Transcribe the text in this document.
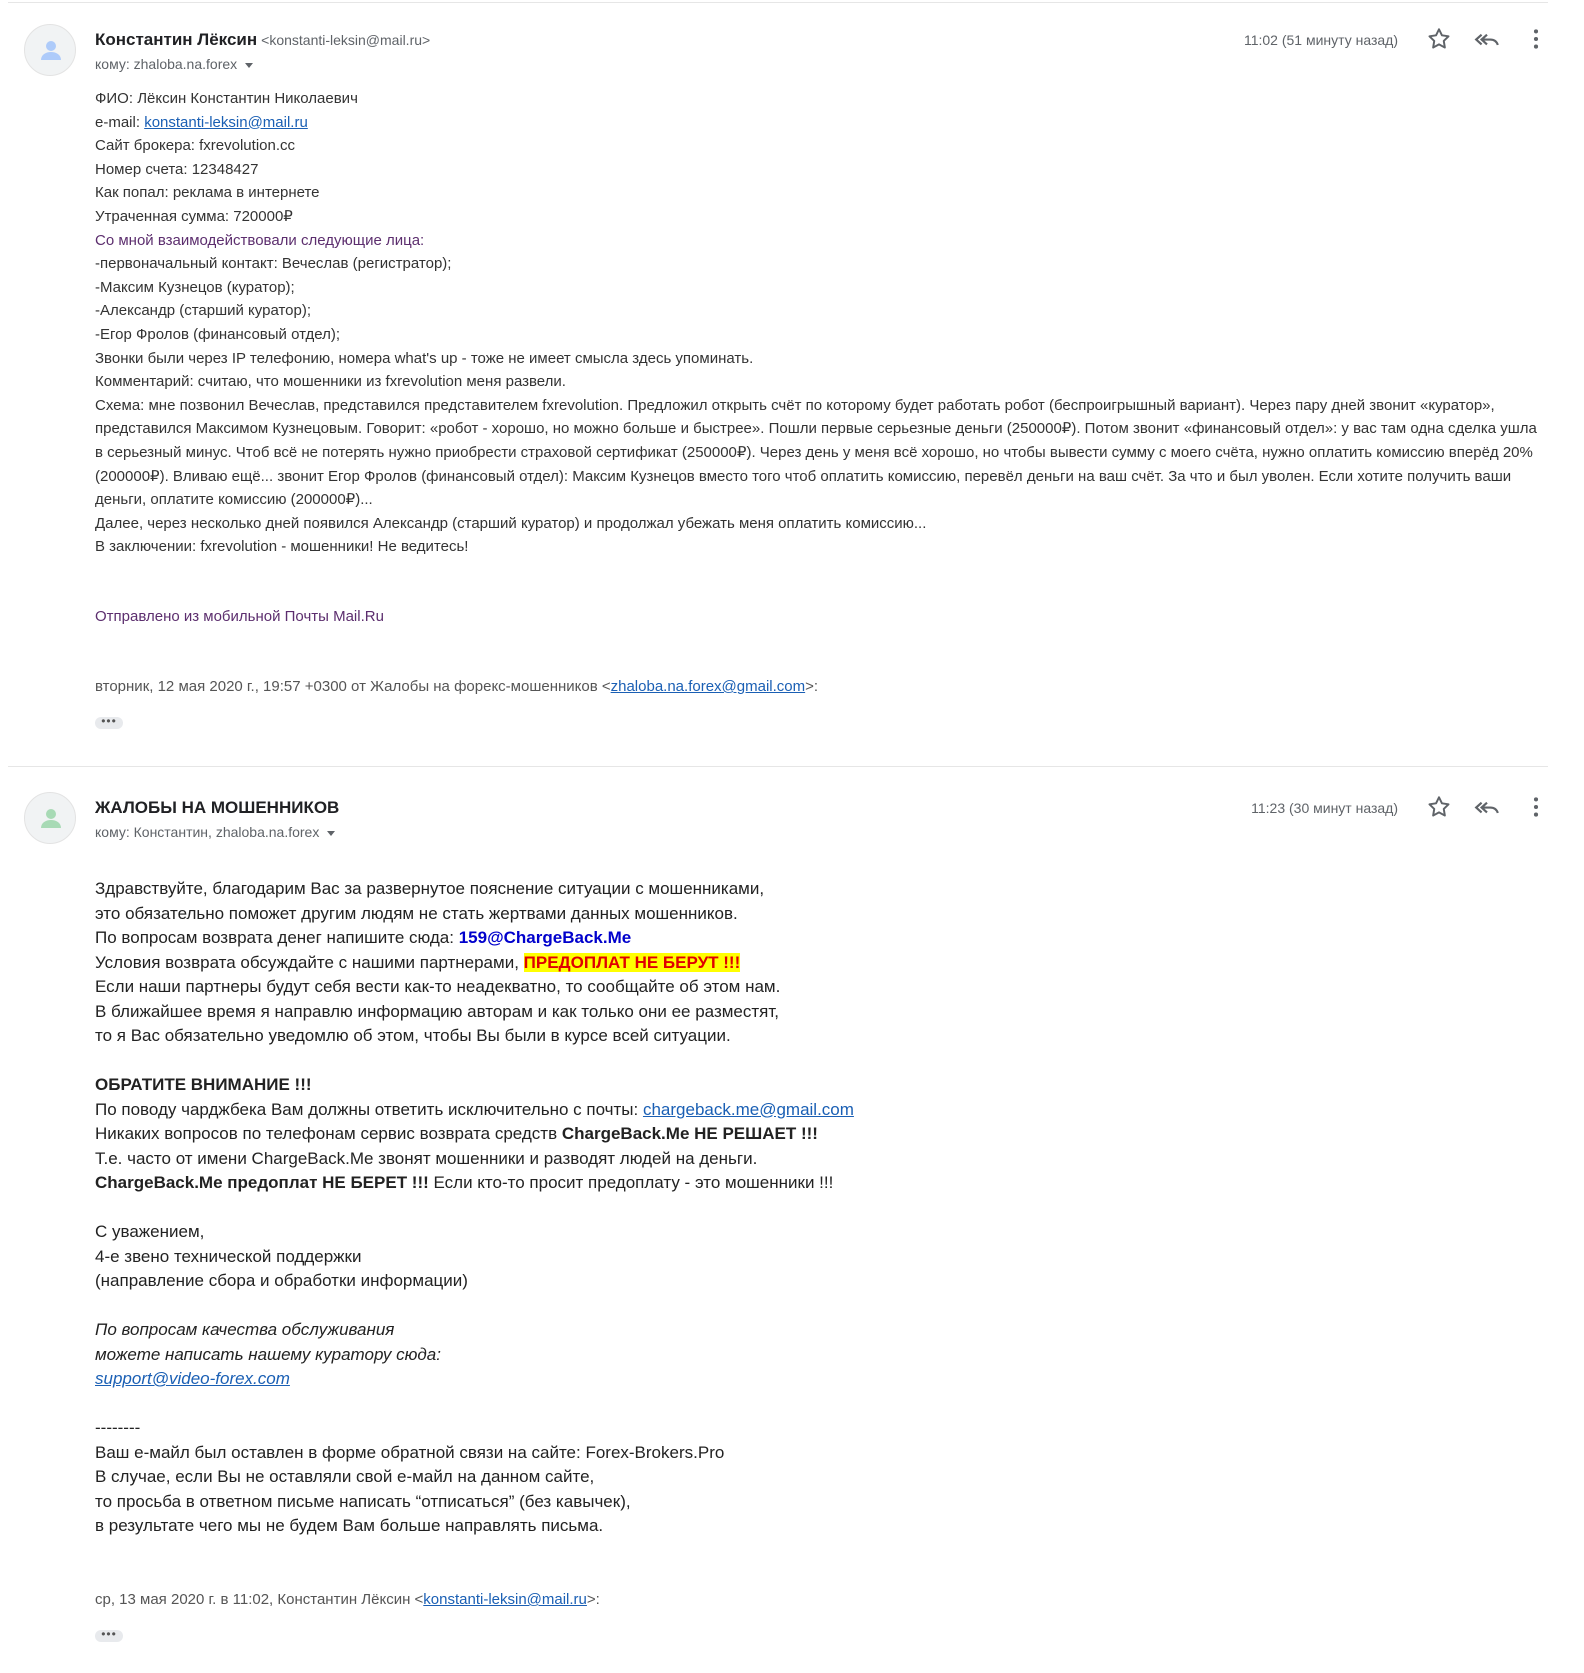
Константин Лёксин <konstanti-leksin@mail.ru>
кому: zhaloba.na.forex
11:02 (51 минуту назад)
ФИО: Лёксин Константин Николаевич
e-mail: konstanti-leksin@mail.ru
Сайт брокера: fxrevolution.cc
Номер счета: 12348427
Как попал: реклама в интернете
Утраченная сумма: 720000₽
Со мной взаимодействовали следующие лица:
-первоначальный контакт: Вечеслав (регистратор);
-Максим Кузнецов (куратор);
-Александр (старший куратор);
-Егор Фролов (финансовый отдел);
Звонки были через IP телефонию, номера what's up - тоже не имеет смысла здесь упоминать.
Комментарий: считаю, что мошенники из fxrevolution меня развели.
Схема: мне позвонил Вечеслав, представился представителем fxrevolution. Предложил открыть счёт по которому будет работать робот (беспроигрышный вариант). Через пару дней звонит «куратор», представился Максимом Кузнецовым. Говорит: «робот - хорошо, но можно больше и быстрее». Пошли первые серьезные деньги (250000₽). Потом звонит «финансовый отдел»: у вас там одна сделка ушла в серьезный минус. Чтоб всё не потерять нужно приобрести страховой сертификат (250000₽). Через день у меня всё хорошо, но чтобы вывести сумму с моего счёта, нужно оплатить комиссию вперёд 20% (200000₽). Вливаю ещё... звонит Егор Фролов (финансовый отдел): Максим Кузнецов вместо того чтоб оплатить комиссию, перевёл деньги на ваш счёт. За что и был уволен. Если хотите получить ваши деньги, оплатите комиссию (200000₽)...
Далее, через несколько дней появился Александр (старший куратор) и продолжал убежать меня оплатить комиссию...
В заключении: fxrevolution - мошенники! Не ведитесь!
Отправлено из мобильной Почты Mail.Ru
вторник, 12 мая 2020 г., 19:57 +0300 от Жалобы на форекс-мошенников <zhaloba.na.forex@gmail.com>:
•••
ЖАЛОБЫ НА МОШЕННИКОВ
кому: Константин, zhaloba.na.forex
11:23 (30 минут назад)
Здравствуйте, благодарим Вас за развернутое пояснение ситуации с мошенниками,
это обязательно поможет другим людям не стать жертвами данных мошенников.
По вопросам возврата денег напишите сюда: 159@ChargeBack.Me
Условия возврата обсуждайте с нашими партнерами, ПРЕДОПЛАТ НЕ БЕРУТ !!!
Если наши партнеры будут себя вести как-то неадекватно, то сообщайте об этом нам.
В ближайшее время я направлю информацию авторам и как только они ее разместят,
то я Вас обязательно уведомлю об этом, чтобы Вы были в курсе всей ситуации.
ОБРАТИТЕ ВНИМАНИЕ !!!
По поводу чарджбека Вам должны ответить исключительно с почты: chargeback.me@gmail.com
Никаких вопросов по телефонам сервис возврата средств ChargeBack.Me НЕ РЕШАЕТ !!!
Т.е. часто от имени ChargeBack.Me звонят мошенники и разводят людей на деньги.
ChargeBack.Me предоплат НЕ БЕРЕТ !!! Если кто-то просит предоплату - это мошенники !!!
С уважением,
4-е звено технической поддержки
(направление сбора и обработки информации)
По вопросам качества обслуживания
можете написать нашему куратору сюда:
support@video-forex.com
--------
Ваш е-майл был оставлен в форме обратной связи на сайте: Forex-Brokers.Pro
В случае, если Вы не оставляли свой е-майл на данном сайте,
то просьба в ответном письме написать “отписаться” (без кавычек),
в результате чего мы не будем Вам больше направлять письма.
ср, 13 мая 2020 г. в 11:02, Константин Лёксин <konstanti-leksin@mail.ru>:
•••
